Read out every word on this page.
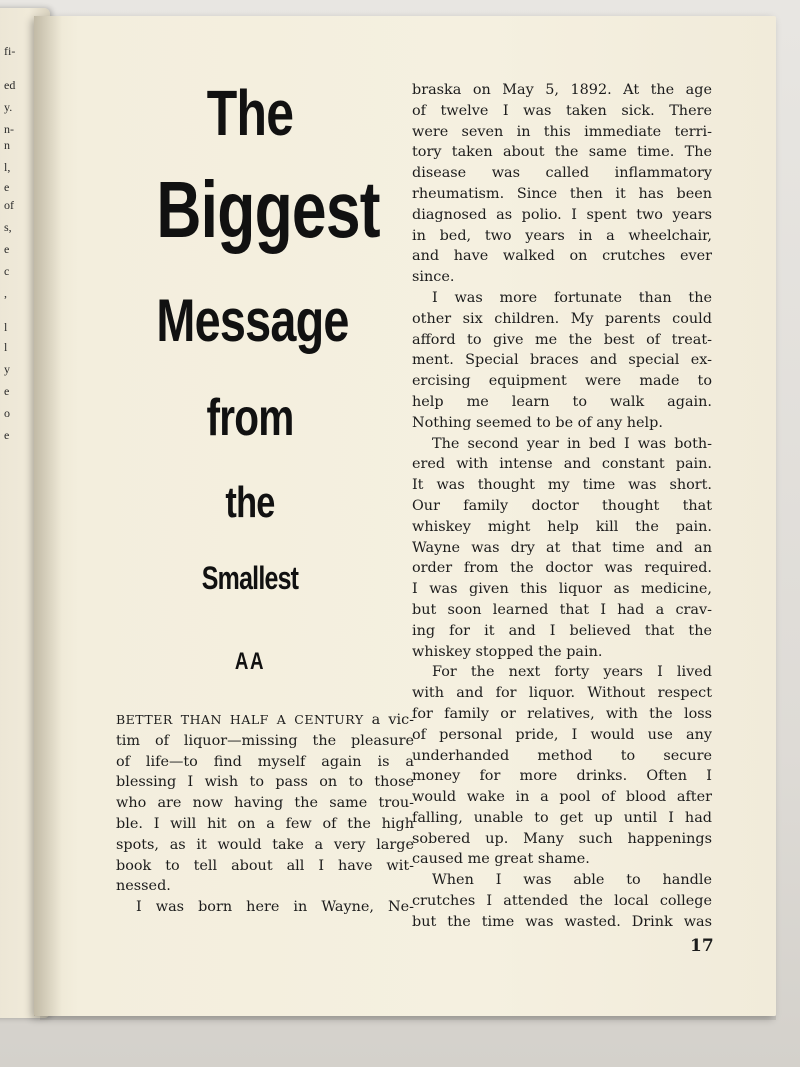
fi-
ed
y.
n-
n
l,
e
of
s,
e
c
,
l
l
y
e
o
e
The
Biggest
Message
from
the
Smallest
AA
BETTER THAN HALF A CENTURY a vic-
tim of liquor—missing the pleasure
of life—to find myself again is a
blessing I wish to pass on to those
who are now having the same trou-
ble. I will hit on a few of the high
spots, as it would take a very large
book to tell about all I have wit-
nessed.
I was born here in Wayne, Ne-
braska on May 5, 1892. At the age
of twelve I was taken sick. There
were seven in this immediate terri-
tory taken about the same time. The
disease was called inflammatory
rheumatism. Since then it has been
diagnosed as polio. I spent two years
in bed, two years in a wheelchair,
and have walked on crutches ever
since.
I was more fortunate than the
other six children. My parents could
afford to give me the best of treat-
ment. Special braces and special ex-
ercising equipment were made to
help me learn to walk again.
Nothing seemed to be of any help.
The second year in bed I was both-
ered with intense and constant pain.
It was thought my time was short.
Our family doctor thought that
whiskey might help kill the pain.
Wayne was dry at that time and an
order from the doctor was required.
I was given this liquor as medicine,
but soon learned that I had a crav-
ing for it and I believed that the
whiskey stopped the pain.
For the next forty years I lived
with and for liquor. Without respect
for family or relatives, with the loss
of personal pride, I would use any
underhanded method to secure
money for more drinks. Often I
would wake in a pool of blood after
falling, unable to get up until I had
sobered up. Many such happenings
caused me great shame.
When I was able to handle
crutches I attended the local college
but the time was wasted. Drink was
17
